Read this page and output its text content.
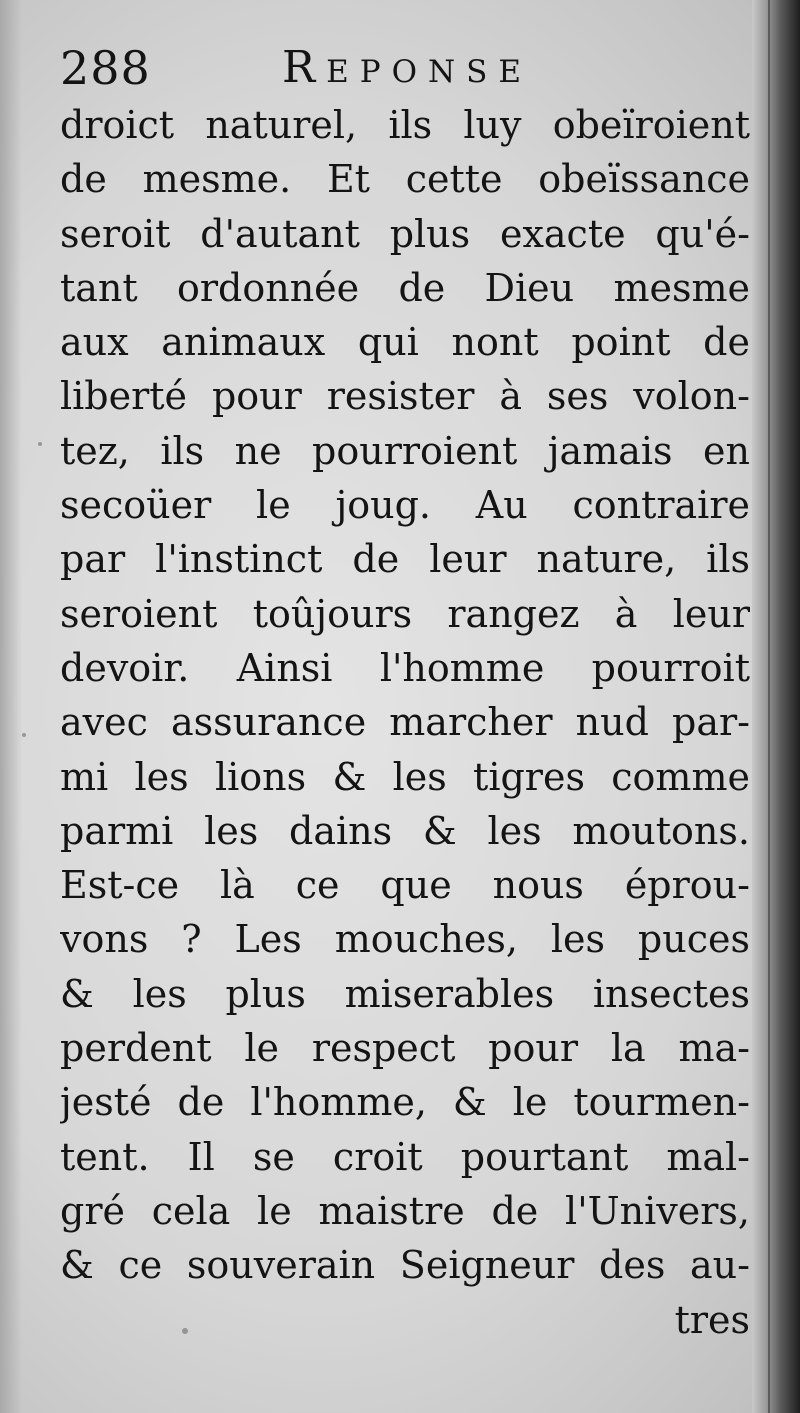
288	Reponse
droict naturel, ils luy obeïroient
de mesme. Et cette obeïssance
seroit d'autant plus exacte qu'é-
tant ordonnée de Dieu mesme
aux animaux qui nont point de
liberté pour resister à ses volon-
tez, ils ne pourroient jamais en
secoüer le joug. Au contraire
par l'instinct de leur nature, ils
seroient toûjours rangez à leur
devoir. Ainsi l'homme pourroit
avec assurance marcher nud par-
mi les lions & les tigres comme
parmi les dains & les moutons.
Est-ce là ce que nous éprou-
vons ? Les mouches, les puces
& les plus miserables insectes
perdent le respect pour la ma-
jesté de l'homme, & le tourmen-
tent. Il se croit pourtant mal-
gré cela le maistre de l'Univers,
& ce souverain Seigneur des au-
tres
